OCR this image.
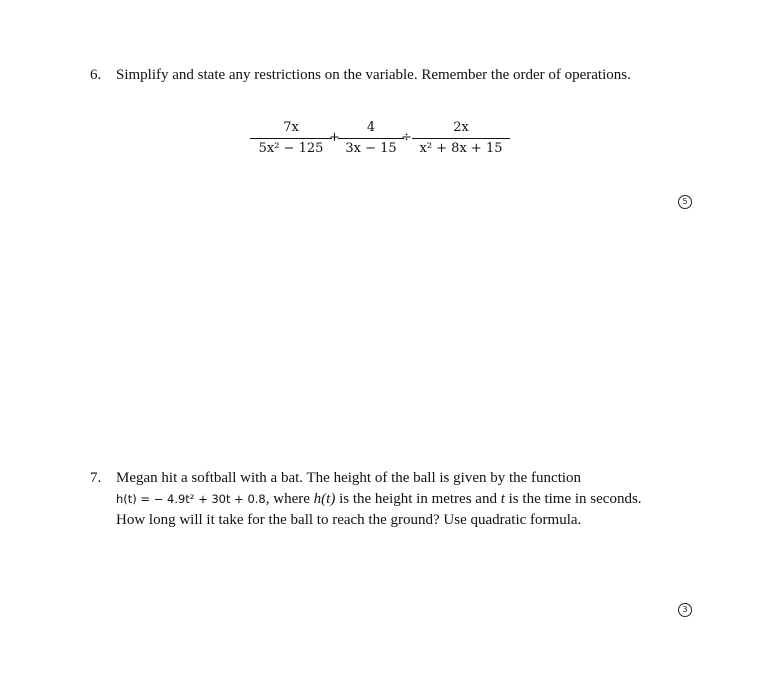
6. Simplify and state any restrictions on the variable. Remember the order of operations.
$\frac{7x}{\text{5x² − 125}}$
+
$\frac{4}{3x - 15}$
÷ $\frac{2x}{\text{x² + 8x + 15}}$
5
7. Megan hit a softball with a bat. The height of the ball is given by the function
h(t) = − 4.9t² + 30t + 0.8, where h(t) is the height in metres and t is the time in seconds.
How long will it take for the ball to reach the ground? Use quadratic formula.
3
